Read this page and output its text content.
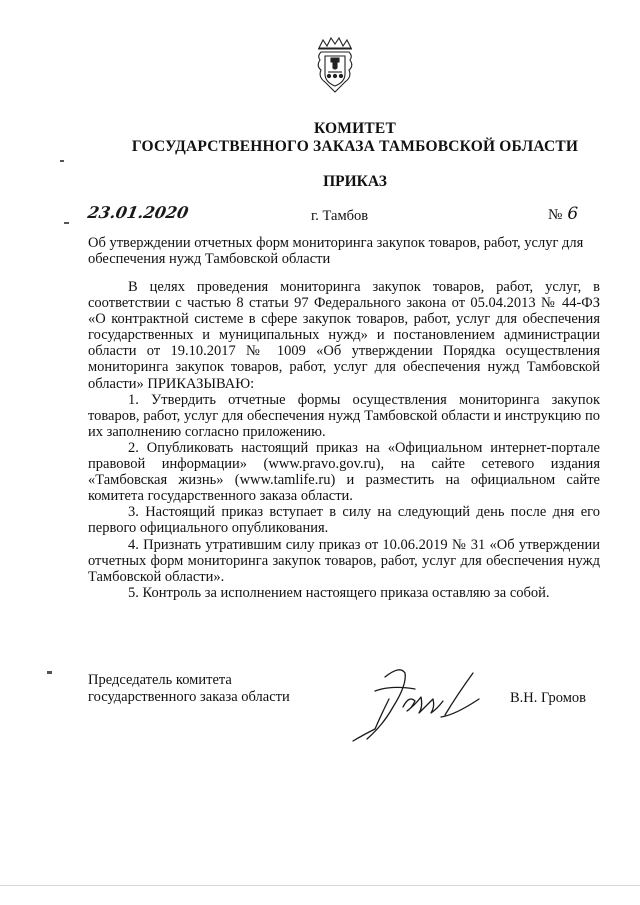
КОМИТЕТ
ГОСУДАРСТВЕННОГО ЗАКАЗА ТАМБОВСКОЙ ОБЛАСТИ
ПРИКАЗ
23.01.2020	г. Тамбов	№ 6
Об утверждении отчетных форм мониторинга закупок товаров, работ, услуг для обеспечения нужд Тамбовской области

В целях проведения мониторинга закупок товаров, работ, услуг, в соответствии с частью 8 статьи 97 Федерального закона от 05.04.2013 № 44-ФЗ «О контрактной системе в сфере закупок товаров, работ, услуг для обеспечения государственных и муниципальных нужд» и постановлением администрации области от 19.10.2017 № 1009 «Об утверждении Порядка осуществления мониторинга закупок товаров, работ, услуг для обеспечения нужд Тамбовской области» ПРИКАЗЫВАЮ:

1. Утвердить отчетные формы осуществления мониторинга закупок товаров, работ, услуг для обеспечения нужд Тамбовской области и инструкцию по их заполнению согласно приложению.

2. Опубликовать настоящий приказ на «Официальном интернет-портале правовой информации» (www.pravo.gov.ru), на сайте сетевого издания «Тамбовская жизнь» (www.tamlife.ru) и разместить на официальном сайте комитета государственного заказа области.

3. Настоящий приказ вступает в силу на следующий день после дня его первого официального опубликования.

4. Признать утратившим силу приказ от 10.06.2019 № 31 «Об утверждении отчетных форм мониторинга закупок товаров, работ, услуг для обеспечения нужд Тамбовской области».

5. Контроль за исполнением настоящего приказа оставляю за собой.

Председатель комитета
государственного заказа области	В.Н. Громов
